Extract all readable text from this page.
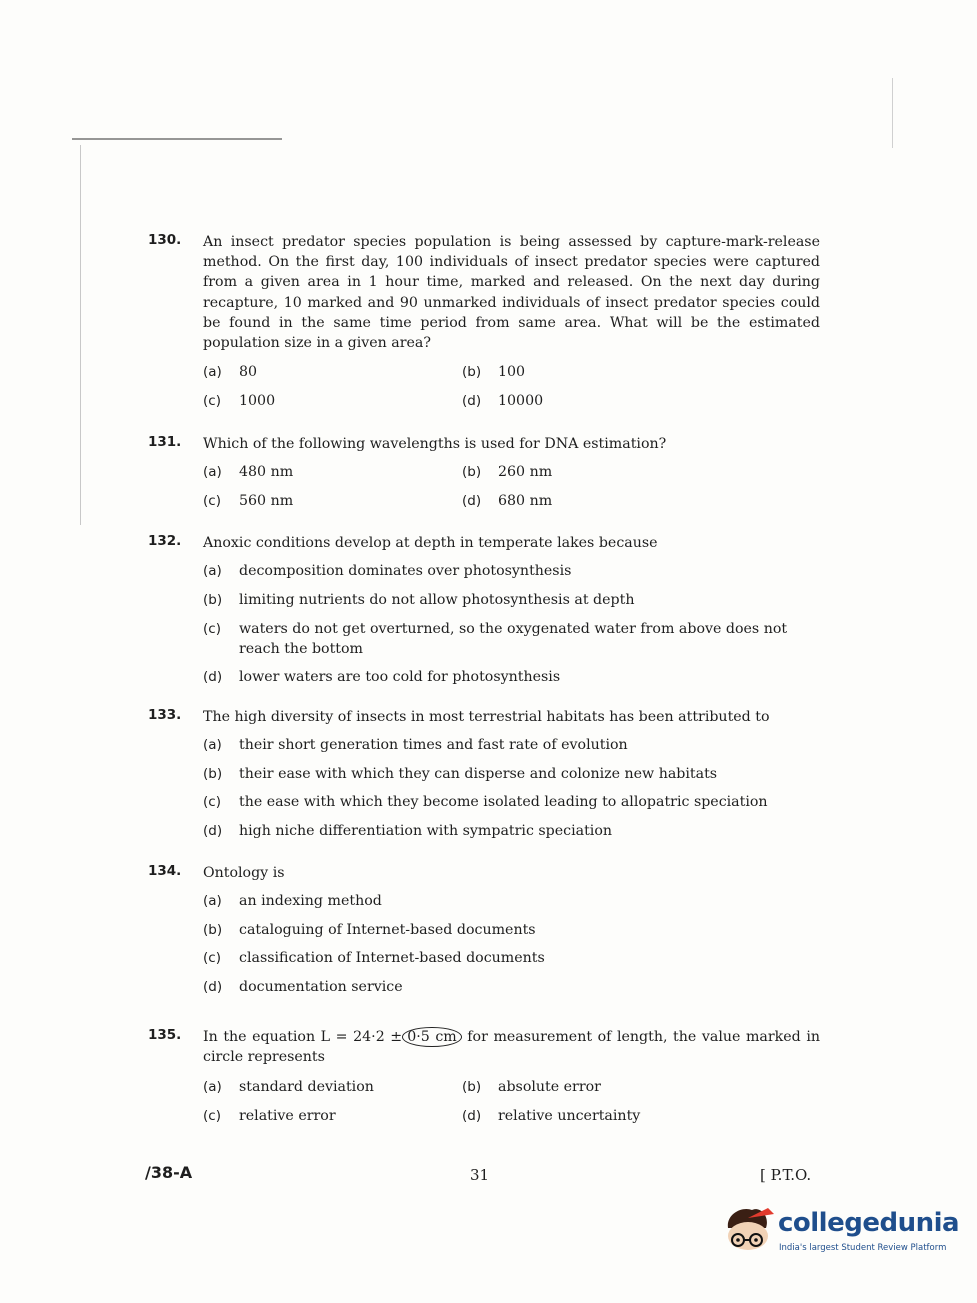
130. An insect predator species population is being assessed by capture-mark-release method. On the first day, 100 individuals of insect predator species were captured from a given area in 1 hour time, marked and released. On the next day during recapture, 10 marked and 90 unmarked individuals of insect predator species could be found in the same time period from same area. What will be the estimated population size in a given area?
(a) 80	(b) 100
(c) 1000	(d) 10000
131. Which of the following wavelengths is used for DNA estimation?
(a) 480 nm	(b) 260 nm
(c) 560 nm	(d) 680 nm
132. Anoxic conditions develop at depth in temperate lakes because
(a) decomposition dominates over photosynthesis
(b) limiting nutrients do not allow photosynthesis at depth
(c) waters do not get overturned, so the oxygenated water from above does not reach the bottom
(d) lower waters are too cold for photosynthesis
133. The high diversity of insects in most terrestrial habitats has been attributed to
(a) their short generation times and fast rate of evolution
(b) their ease with which they can disperse and colonize new habitats
(c) the ease with which they become isolated leading to allopatric speciation
(d) high niche differentiation with sympatric speciation
134. Ontology is
(a) an indexing method
(b) cataloguing of Internet-based documents
(c) classification of Internet-based documents
(d) documentation service
135. In the equation L = 24·2 ± 0·5 cm for measurement of length, the value marked in circle represents
(a) standard deviation	(b) absolute error
(c) relative error	(d) relative uncertainty
/38-A	31	[ P.T.O.
collegedunia
India's largest Student Review Platform
